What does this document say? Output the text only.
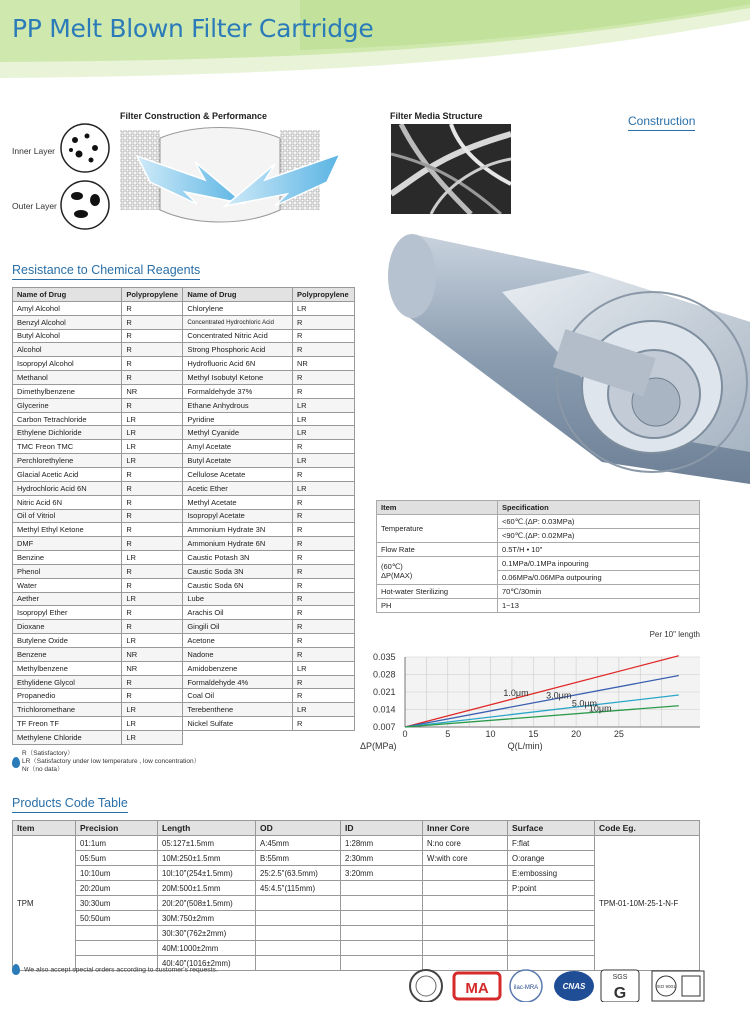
PP Melt Blown Filter Cartridge
Filter Construction & Performance	Filter Media Structure
Inner Layer
Outer Layer
Construction
Resistance to Chemical Reagents
Name of Drug	Polypropylene	Name of Drug	Polypropylene
Amyl Alcohol	R	Chlorylene	LR
Benzyl Alcohol	R	Concentrated Hydrochloric Acid	R
Butyl Alcohol	R	Concentrated Nitric Acid	R
Alcohol	R	Strong Phosphoric Acid	R
Isopropyl Alcohol	R	Hydrofluoric Acid 6N	NR
Methanol	R	Methyl Isobutyl Ketone	R
Dimethylbenzene	NR	Formaldehyde 37%	R
Glycerine	R	Ethane Anhydrous	LR
Carbon Tetrachloride	LR	Pyridine	LR
Ethylene Dichloride	LR	Methyl Cyanide	LR
TMC Freon TMC	LR	Amyl Acetate	R
Perchlorethylene	LR	Butyl Acetate	LR
Glacial Acetic Acid	R	Cellulose Acetate	R
Hydrochloric Acid 6N	R	Acetic Ether	LR
Nitric Acid 6N	R	Methyl Acetate	R
Oil of Vitriol	R	Isopropyl Acetate	R
Methyl Ethyl Ketone	R	Ammonium Hydrate 3N	R
DMF	R	Ammonium Hydrate 6N	R
Benzine	LR	Caustic Potash 3N	R
Phenol	R	Caustic Soda 3N	R
Water	R	Caustic Soda 6N	R
Aether	LR	Lube	R
Isopropyl Ether	R	Arachis Oil	R
Dioxane	R	Gingili Oil	R
Butylene Oxide	LR	Acetone	R
Benzene	NR	Nadone	R
Methylbenzene	NR	Amidobenzene	LR
Ethylidene Glycol	R	Formaldehyde 4%	R
Propanedio	R	Coal Oil	R
Trichloromethane	LR	Terebenthene	LR
TF Freon TF	LR	Nickel Sulfate	R
Methylene Chloride	LR		
R（Satisfactory）
LR（Satisfactory under low temperature , low concentration）
Nr（no data）
Item	Specification
Temperature	<60℃.(ΔP: 0.03MPa)
	<90℃.(ΔP: 0.02MPa)
Flow Rate	0.5T/H • 10"

(60℃)
ΔP(MAX)	0.1MPa/0.1MPa inpouring
	0.06MPa/0.06MPa outpouring
Hot-water Sterilizing	70℃/30min
PH	1~13
0.035
0.028
0.021
0.014
0.007
0	5	10	15	20	25
1.0μm 3.0μm
5.0μm
10μm
Per 10" length
ΔP(MPa)	Q(L/min)
Products Code Table
Item	Precision	Length	OD	ID	Inner Core	Surface	Code Eg.
TPM	01:1um	05:127±1.5mm	A:45mm	1:28mm	N:no core	F:flat	TPM-01-10M-25-1-N-F
	05:5um	10M:250±1.5mm	B:55mm	2:30mm	W:with core	O:orange	
	10:10um	10I:10"(254±1.5mm)	25:2.5"(63.5mm)	3:20mm		E:embossing	
	20:20um	20M:500±1.5mm	45:4.5"(115mm)			P:point	
	30:30um	20I:20"(508±1.5mm)					
	50:50um	30M:750±2mm					
		30I:30"(762±2mm)					
		40M:1000±2mm					
		40I:40"(1016±2mm)					
We also accept special orders according to customer's requests.
MA	ilac-MRA	CNAS
SGS
G	ISO 9001
